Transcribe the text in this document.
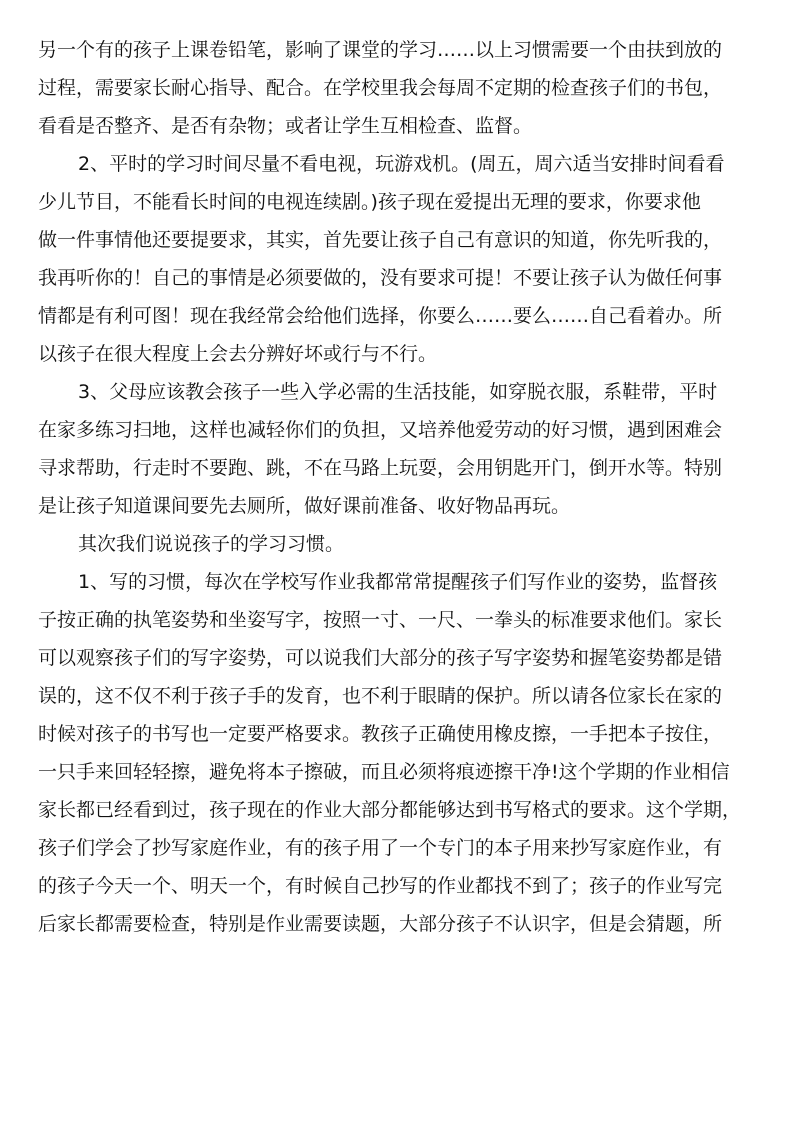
另一个有的孩子上课卷铅笔，影响了课堂的学习……以上习惯需要一个由扶到放的
过程，需要家长耐心指导、配合。在学校里我会每周不定期的检查孩子们的书包，
看看是否整齐、是否有杂物；或者让学生互相检查、监督。
2、平时的学习时间尽量不看电视，玩游戏机。(周五，周六适当安排时间看看
少儿节目，不能看长时间的电视连续剧。)孩子现在爱提出无理的要求，你要求他
做一件事情他还要提要求，其实，首先要让孩子自己有意识的知道，你先听我的，
我再听你的！自己的事情是必须要做的，没有要求可提！不要让孩子认为做任何事
情都是有利可图！现在我经常会给他们选择，你要么……要么……自己看着办。所
以孩子在很大程度上会去分辨好坏或行与不行。
3、父母应该教会孩子一些入学必需的生活技能，如穿脱衣服，系鞋带，平时
在家多练习扫地，这样也减轻你们的负担，又培养他爱劳动的好习惯，遇到困难会
寻求帮助，行走时不要跑、跳，不在马路上玩耍，会用钥匙开门，倒开水等。特别
是让孩子知道课间要先去厕所，做好课前准备、收好物品再玩。
其次我们说说孩子的学习习惯。
1、写的习惯，每次在学校写作业我都常常提醒孩子们写作业的姿势，监督孩
子按正确的执笔姿势和坐姿写字，按照一寸、一尺、一拳头的标准要求他们。家长
可以观察孩子们的写字姿势，可以说我们大部分的孩子写字姿势和握笔姿势都是错
误的，这不仅不利于孩子手的发育，也不利于眼睛的保护。所以请各位家长在家的
时候对孩子的书写也一定要严格要求。教孩子正确使用橡皮擦，一手把本子按住，
一只手来回轻轻擦，避免将本子擦破，而且必须将痕迹擦干净!这个学期的作业相信
家长都已经看到过，孩子现在的作业大部分都能够达到书写格式的要求。这个学期，
孩子们学会了抄写家庭作业，有的孩子用了一个专门的本子用来抄写家庭作业，有
的孩子今天一个、明天一个，有时候自己抄写的作业都找不到了；孩子的作业写完
后家长都需要检查，特别是作业需要读题，大部分孩子不认识字，但是会猜题，所
